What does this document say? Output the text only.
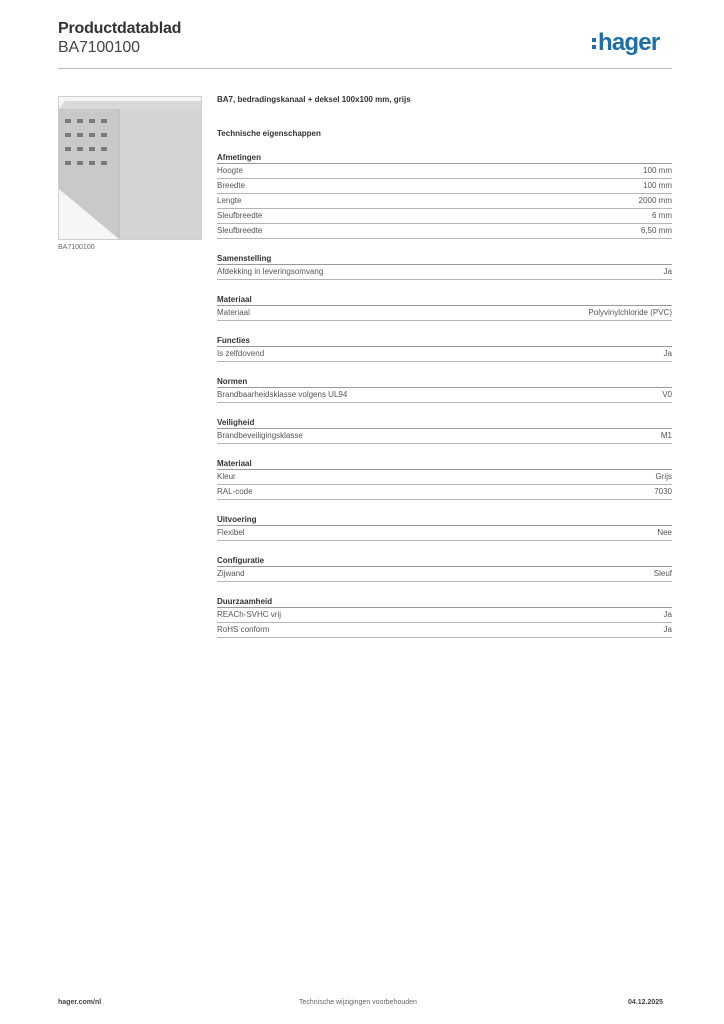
Productdatablad
BA7100100	hager
BA7100100
BA7, bedradingskanaal + deksel 100x100 mm, grijs
Technische eigenschappen
Afmetingen
Hoogte	100 mm
Breedte	100 mm
Lengte	2000 mm
Sleufbreedte	6 mm
Sleufbreedte	6,50 mm
Samenstelling
Afdekking in leveringsomvang	Ja
Materiaal
Materiaal	Polyvinylchloride (PVC)
Functies
Is zelfdovend	Ja
Normen
Brandbaarheidsklasse volgens UL94	V0
Veiligheid
Brandbeveiligingsklasse	M1
Materiaal
Kleur	Grijs
RAL-code	7030
Uitvoering
Flexibel	Nee
Configuratie
Zijwand	Sleuf
Duurzaamheid
REACh-SVHC vrij	Ja
RoHS conform	Ja
hager.com/nl	Technische wijzigingen voorbehouden	04.12.2025
